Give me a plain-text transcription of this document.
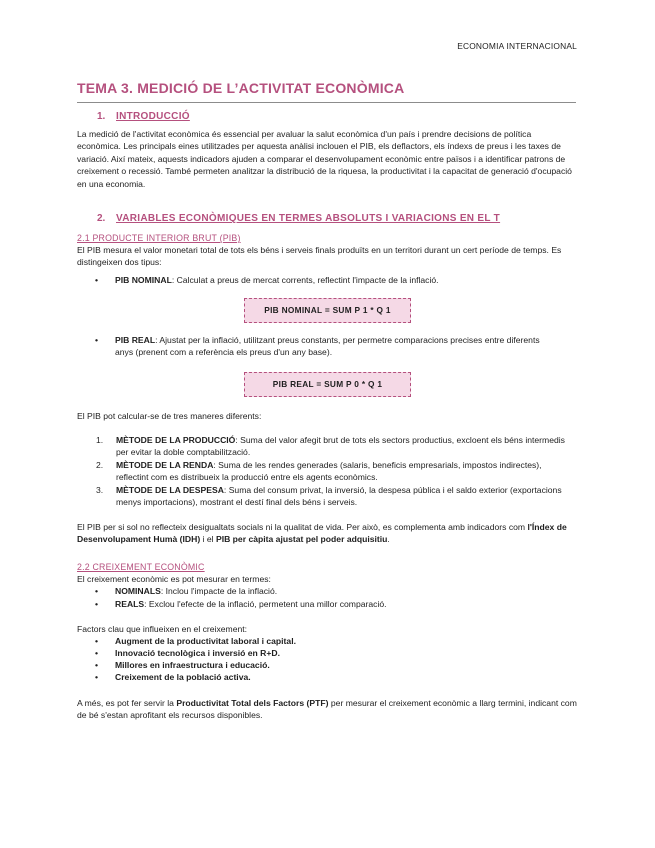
ECONOMIA INTERNACIONAL
TEMA 3. MEDICIÓ DE L’ACTIVITAT ECONÒMICA
1. INTRODUCCIÓ
La medició de l'activitat econòmica és essencial per avaluar la salut econòmica d'un país i prendre decisions de política econòmica. Les principals eines utilitzades per aquesta anàlisi inclouen el PIB, els deflactors, els índexs de preus i les taxes de variació. Així mateix, aquests indicadors ajuden a comparar el desenvolupament econòmic entre països i a identificar patrons de creixement o recessió. També permeten analitzar la distribució de la riquesa, la productivitat i la capacitat de generació d'ocupació en una economia.
2. VARIABLES ECONÒMIQUES EN TERMES ABSOLUTS I VARIACIONS EN EL T
2.1 PRODUCTE INTERIOR BRUT (PIB)
El PIB mesura el valor monetari total de tots els béns i serveis finals produïts en un territori durant un cert període de temps. Es distingeixen dos tipus:
• PIB NOMINAL: Calculat a preus de mercat corrents, reflectint l'impacte de la inflació.
PIB NOMINAL = SUM P 1 * Q 1
• PIB REAL: Ajustat per la inflació, utilitzant preus constants, per permetre comparacions precises entre diferents anys (prenent com a referència els preus d'un any base).
PIB REAL = SUM P 0 * Q 1
El PIB pot calcular-se de tres maneres diferents:
1. MÈTODE DE LA PRODUCCIÓ: Suma del valor afegit brut de tots els sectors productius, excloent els béns intermedis per evitar la doble comptabilització.
2. MÈTODE DE LA RENDA: Suma de les rendes generades (salaris, beneficis empresarials, impostos indirectes), reflectint com es distribueix la producció entre els agents econòmics.
3. MÈTODE DE LA DESPESA: Suma del consum privat, la inversió, la despesa pública i el saldo exterior (exportacions menys importacions), mostrant el destí final dels béns i serveis.
El PIB per si sol no reflecteix desigualtats socials ni la qualitat de vida. Per això, es complementa amb indicadors com l'Índex de Desenvolupament Humà (IDH) i el PIB per càpita ajustat pel poder adquisitiu.
2.2 CREIXEMENT ECONÒMIC
El creixement econòmic es pot mesurar en termes:
• NOMINALS: Inclou l'impacte de la inflació.
• REALS: Exclou l'efecte de la inflació, permetent una millor comparació.
Factors clau que influeixen en el creixement:
• Augment de la productivitat laboral i capital.
• Innovació tecnològica i inversió en R+D.
• Millores en infraestructura i educació.
• Creixement de la població activa.
A més, es pot fer servir la Productivitat Total dels Factors (PTF) per mesurar el creixement econòmic a llarg termini, indicant com de bé s'estan aprofitant els recursos disponibles.
